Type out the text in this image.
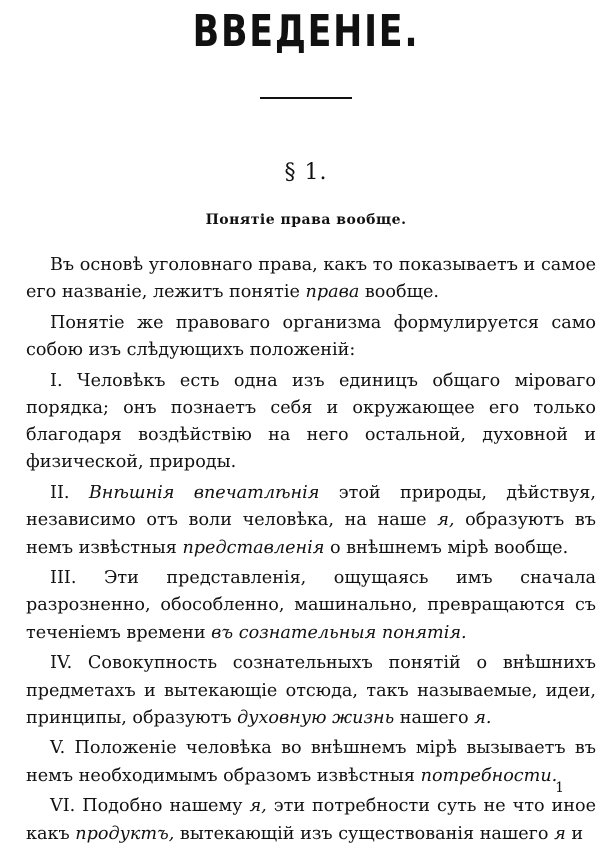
ВВЕДЕНІЕ.
§ 1.
Понятіе права вообще.

Въ основѣ уголовнаго права, какъ то показываетъ и самое его названіе, лежитъ понятіе права вообще.

Понятіе же правоваго организма формулируется само собою изъ слѣдующихъ положеній:

I. Человѣкъ есть одна изъ единицъ общаго міроваго порядка; онъ познаетъ себя и окружающее его только благодаря воздѣйствію на него остальной, духовной и физической, природы.

II. Внѣшнія впечатлѣнія этой природы, дѣйствуя, независимо отъ воли человѣка, на наше я, образуютъ въ немъ извѣстныя представленія о внѣшнемъ мірѣ вообще.

III. Эти представленія, ощущаясь имъ сначала разрозненно, обособленно, машинально, превращаются съ теченіемъ времени въ сознательныя понятія.

IV. Совокупность сознательныхъ понятій о внѣшнихъ предметахъ и вытекающіе отсюда, такъ называемые, идеи, принципы, образуютъ духовную жизнь нашего я.

V. Положеніе человѣка во внѣшнемъ мірѣ вызываетъ въ немъ необходимымъ образомъ извѣстныя потребности.

VI. Подобно нашему я, эти потребности суть не что иное какъ продуктъ, вытекающій изъ существованія нашего я и

1
